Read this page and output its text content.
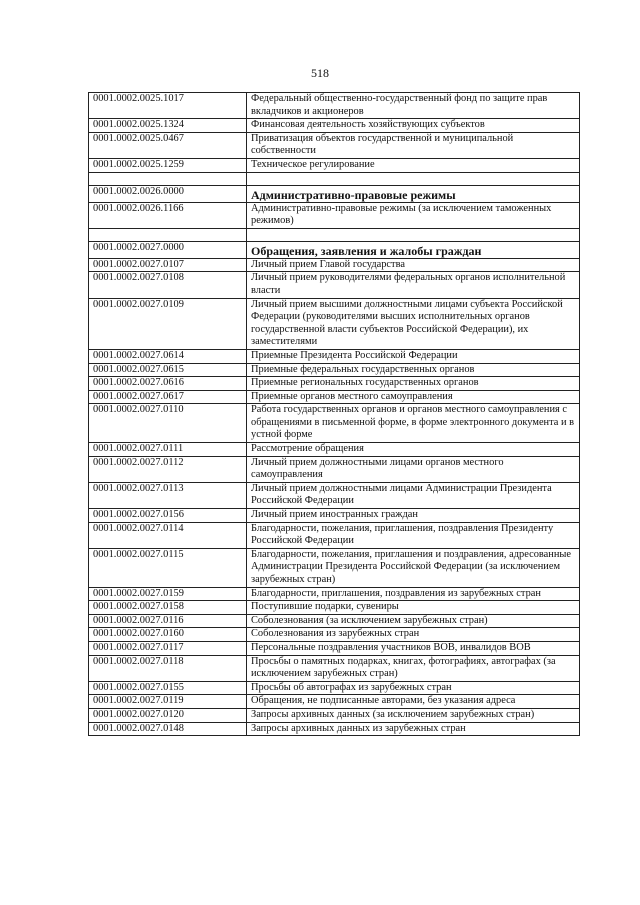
518
0001.0002.0025.1017	Федеральный общественно-государственный фонд по защите прав вкладчиков и акционеров
0001.0002.0025.1324	Финансовая деятельность хозяйствующих субъектов
0001.0002.0025.0467	Приватизация объектов государственной и муниципальной собственности
0001.0002.0025.1259	Техническое регулирование

0001.0002.0026.0000	Административно-правовые режимы
0001.0002.0026.1166	Административно-правовые режимы (за исключением таможенных режимов)

0001.0002.0027.0000	Обращения, заявления и жалобы граждан
0001.0002.0027.0107	Личный прием Главой государства
0001.0002.0027.0108	Личный прием руководителями федеральных органов исполнительной власти
0001.0002.0027.0109	Личный прием высшими должностными лицами субъекта Российской Федерации (руководителями высших исполнительных органов государственной власти субъектов Российской Федерации), их заместителями
0001.0002.0027.0614	Приемные Президента Российской Федерации
0001.0002.0027.0615	Приемные федеральных государственных органов
0001.0002.0027.0616	Приемные региональных государственных органов
0001.0002.0027.0617	Приемные органов местного самоуправления
0001.0002.0027.0110	Работа государственных органов и органов местного самоуправления с обращениями в письменной форме, в форме электронного документа и в устной форме
0001.0002.0027.0111	Рассмотрение обращения
0001.0002.0027.0112	Личный прием должностными лицами органов местного самоуправления
0001.0002.0027.0113	Личный прием должностными лицами Администрации Президента Российской Федерации
0001.0002.0027.0156	Личный прием иностранных граждан
0001.0002.0027.0114	Благодарности, пожелания, приглашения, поздравления Президенту Российской Федерации
0001.0002.0027.0115	Благодарности, пожелания, приглашения и поздравления, адресованные Администрации Президента Российской Федерации (за исключением зарубежных стран)
0001.0002.0027.0159	Благодарности, приглашения, поздравления из зарубежных стран
0001.0002.0027.0158	Поступившие подарки, сувениры
0001.0002.0027.0116	Соболезнования (за исключением зарубежных стран)
0001.0002.0027.0160	Соболезнования из зарубежных стран
0001.0002.0027.0117	Персональные поздравления участников ВОВ, инвалидов ВОВ
0001.0002.0027.0118	Просьбы о памятных подарках, книгах, фотографиях, автографах (за исключением зарубежных стран)
0001.0002.0027.0155	Просьбы об автографах из зарубежных стран
0001.0002.0027.0119	Обращения, не подписанные авторами, без указания адреса
0001.0002.0027.0120	Запросы архивных данных (за исключением зарубежных стран)
0001.0002.0027.0148	Запросы архивных данных из зарубежных стран
